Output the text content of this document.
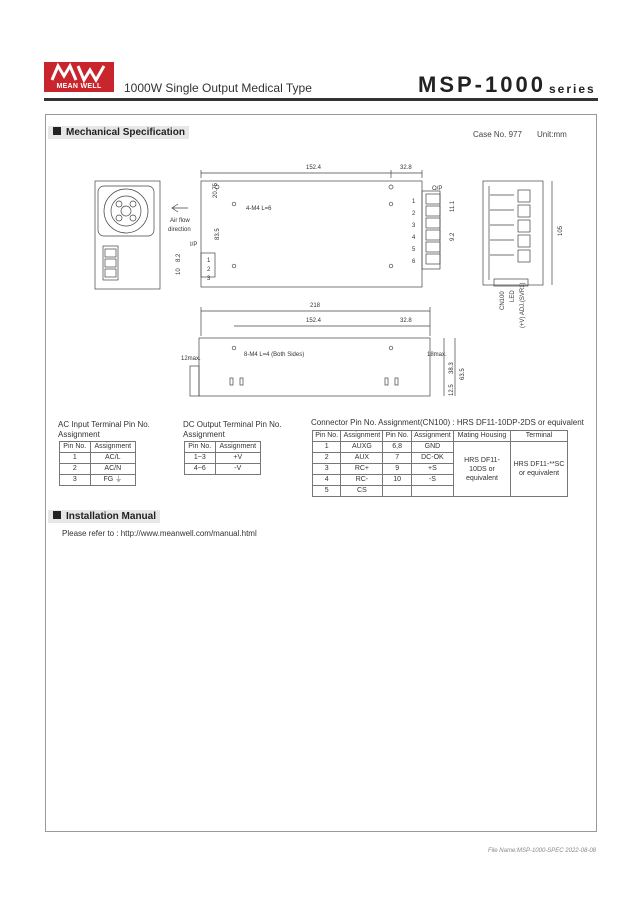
MEAN WELL	1000W Single Output Medical Type	MSP-1000 series
Mechanical Specification	Case No. 977 Unit:mm
152.4	32.8
4-M4 L=6
Air flow
direction
I/P
1
2
3
O/P
1
2
3
4
5
6
218
152.4	32.8
8-M4 L=4 (Both Sides)
12max.
18max.
20.75
83.5
10
8.2
11.1
9.2
105
38.3
63.5
12.5
CN100 LED (+V) ADJ.(SVR1)
AC Input Terminal Pin No.
Assignment
Pin No.	Assignment
1	AC/L
2	AC/N
3	FG ⏚
DC Output Terminal Pin No.
Assignment
Pin No.	Assignment
1~3	+V
4~6	-V
Connector Pin No. Assignment(CN100) : HRS DF11-10DP-2DS or equivalent
Pin No.	Assignment	Pin No.	Assignment	Mating Housing	Terminal
1	AUXG	6,8	GND	HRS DF11-10DS or equivalent	HRS DF11-**SC or equivalent
2	AUX	7	DC-OK		
3	RC+	9	+S		
4	RC-	10	-S		
5	CS				
Installation Manual
Please refer to : http://www.meanwell.com/manual.html
File Name:MSP-1000-SPEC 2022-08-08
